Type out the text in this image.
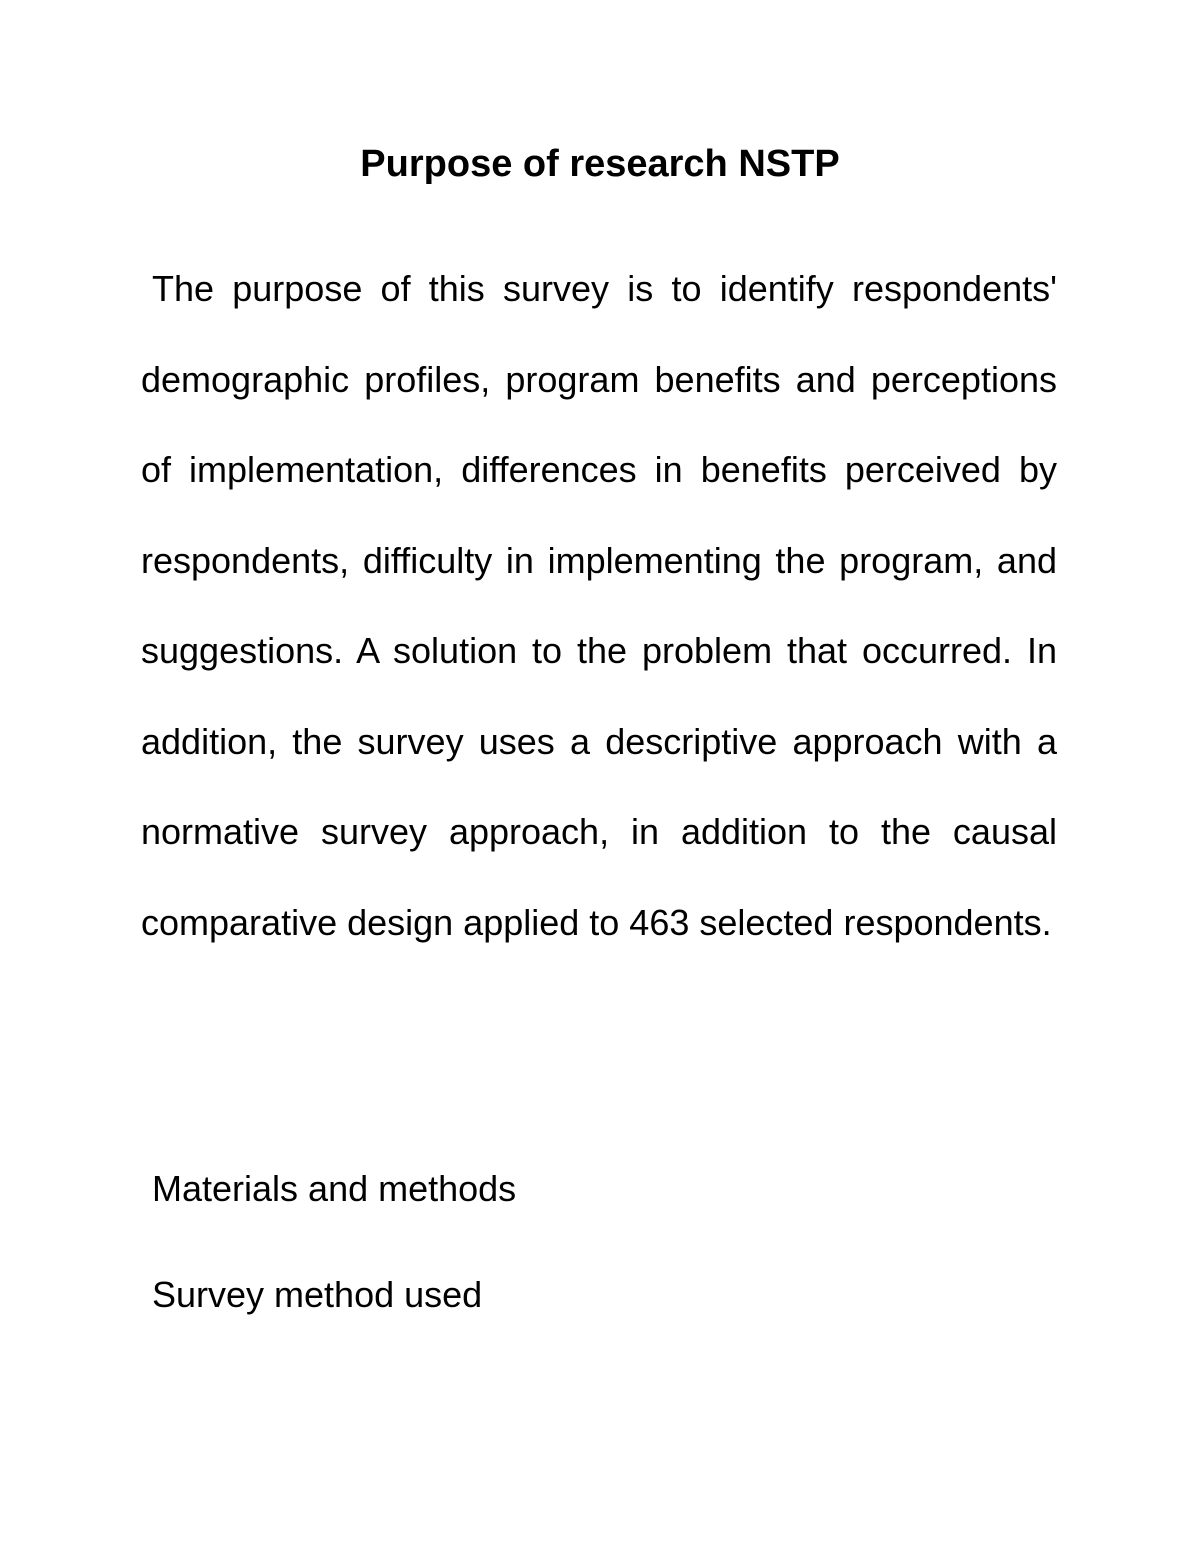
Purpose of research NSTP

The purpose of this survey is to identify respondents' demographic profiles, program benefits and perceptions of implementation, differences in benefits perceived by respondents, difficulty in implementing the program, and suggestions. A solution to the problem that occurred. In addition, the survey uses a descriptive approach with a normative survey approach, in addition to the causal comparative design applied to 463 selected respondents.

Materials and methods

Survey method used
